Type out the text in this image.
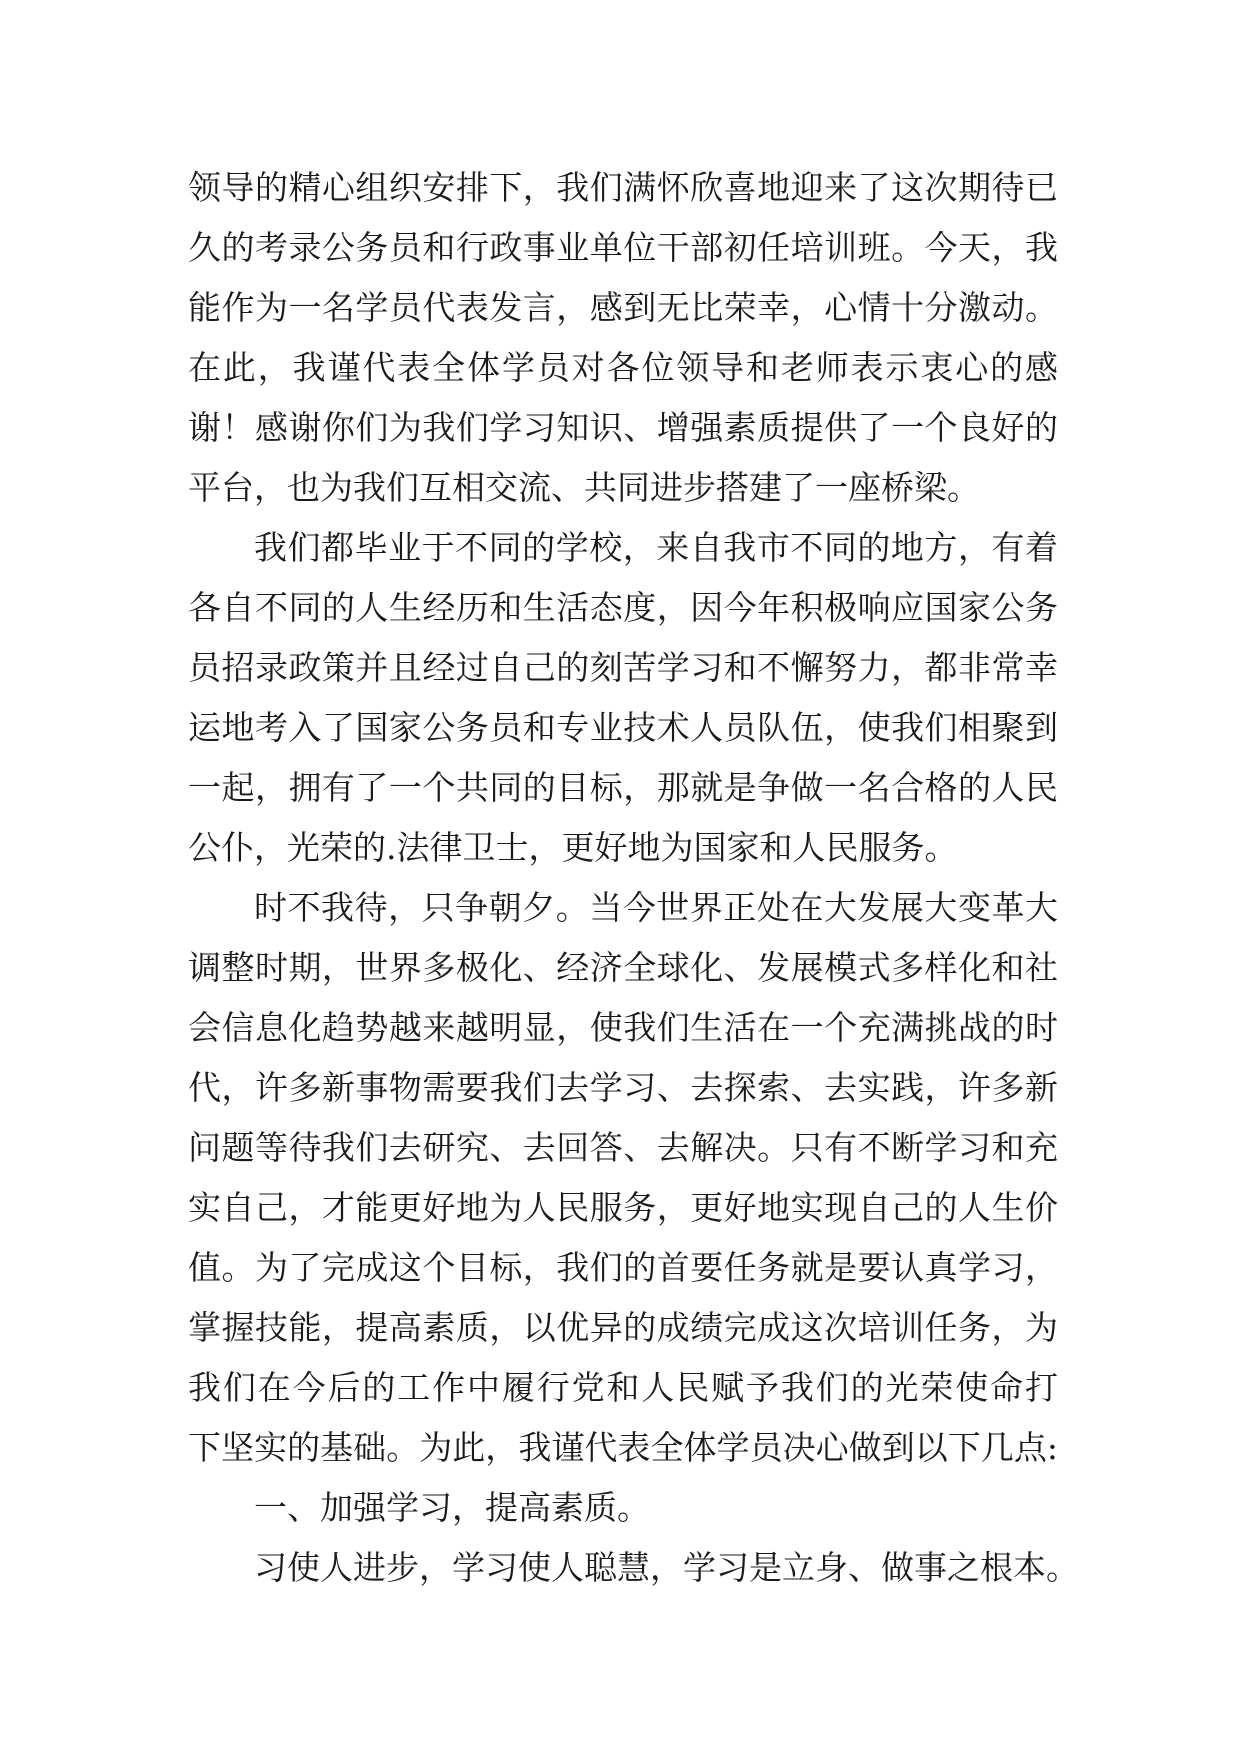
领导的精心组织安排下，我们满怀欣喜地迎来了这次期待已
久的考录公务员和行政事业单位干部初任培训班。今天，我
能作为一名学员代表发言，感到无比荣幸，心情十分激动。
在此，我谨代表全体学员对各位领导和老师表示衷心的感
谢！感谢你们为我们学习知识、增强素质提供了一个良好的
平台，也为我们互相交流、共同进步搭建了一座桥梁。
我们都毕业于不同的学校，来自我市不同的地方，有着
各自不同的人生经历和生活态度，因今年积极响应国家公务
员招录政策并且经过自己的刻苦学习和不懈努力，都非常幸
运地考入了国家公务员和专业技术人员队伍，使我们相聚到
一起，拥有了一个共同的目标，那就是争做一名合格的人民
公仆，光荣的.法律卫士，更好地为国家和人民服务。
时不我待，只争朝夕。当今世界正处在大发展大变革大
调整时期，世界多极化、经济全球化、发展模式多样化和社
会信息化趋势越来越明显，使我们生活在一个充满挑战的时
代，许多新事物需要我们去学习、去探索、去实践，许多新
问题等待我们去研究、去回答、去解决。只有不断学习和充
实自己，才能更好地为人民服务，更好地实现自己的人生价
值。为了完成这个目标，我们的首要任务就是要认真学习，
掌握技能，提高素质，以优异的成绩完成这次培训任务，为
我们在今后的工作中履行党和人民赋予我们的光荣使命打
下坚实的基础。为此，我谨代表全体学员决心做到以下几点:
一、加强学习，提高素质。
习使人进步，学习使人聪慧，学习是立身、做事之根本。
